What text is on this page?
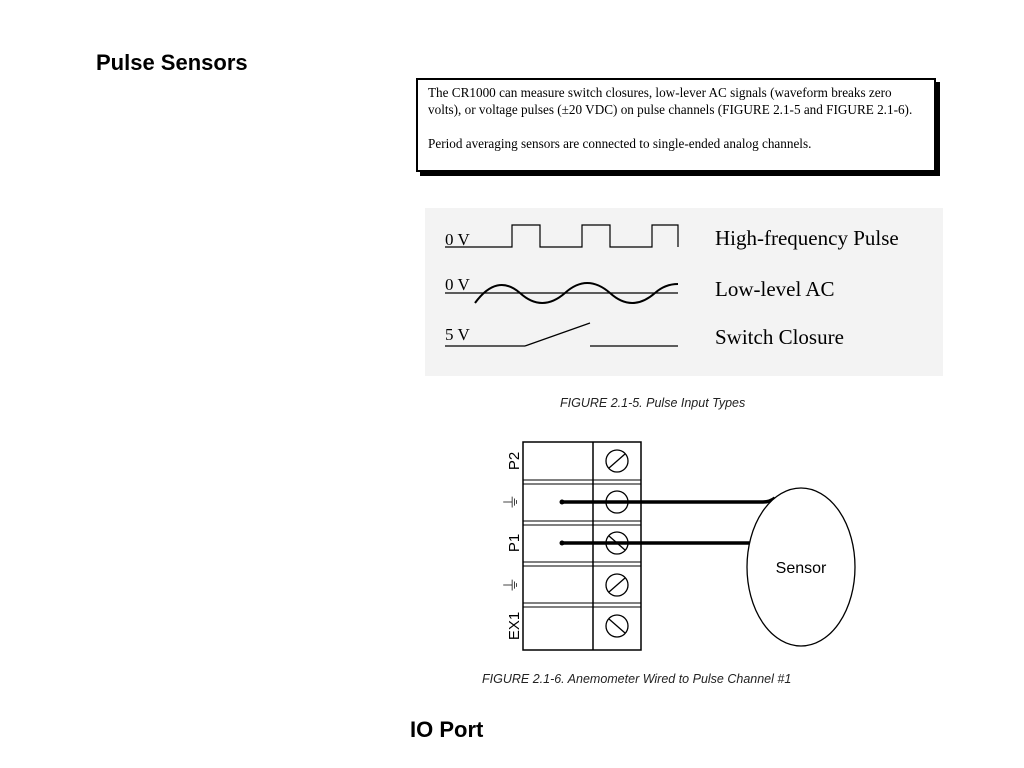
Pulse Sensors

The CR1000 can measure switch closures, low-lever AC signals (waveform breaks zero volts), or voltage pulses (±20 VDC) on pulse channels (FIGURE 2.1-5 and FIGURE 2.1-6).

Period averaging sensors are connected to single-ended analog channels.

0 V	High-frequency Pulse
0 V	Low-level AC
5 V	Switch Closure
FIGURE 2.1-5. Pulse Input Types
P2
⏚
P1
⏚
EX1
Sensor
FIGURE 2.1-6. Anemometer Wired to Pulse Channel #1
IO Port
